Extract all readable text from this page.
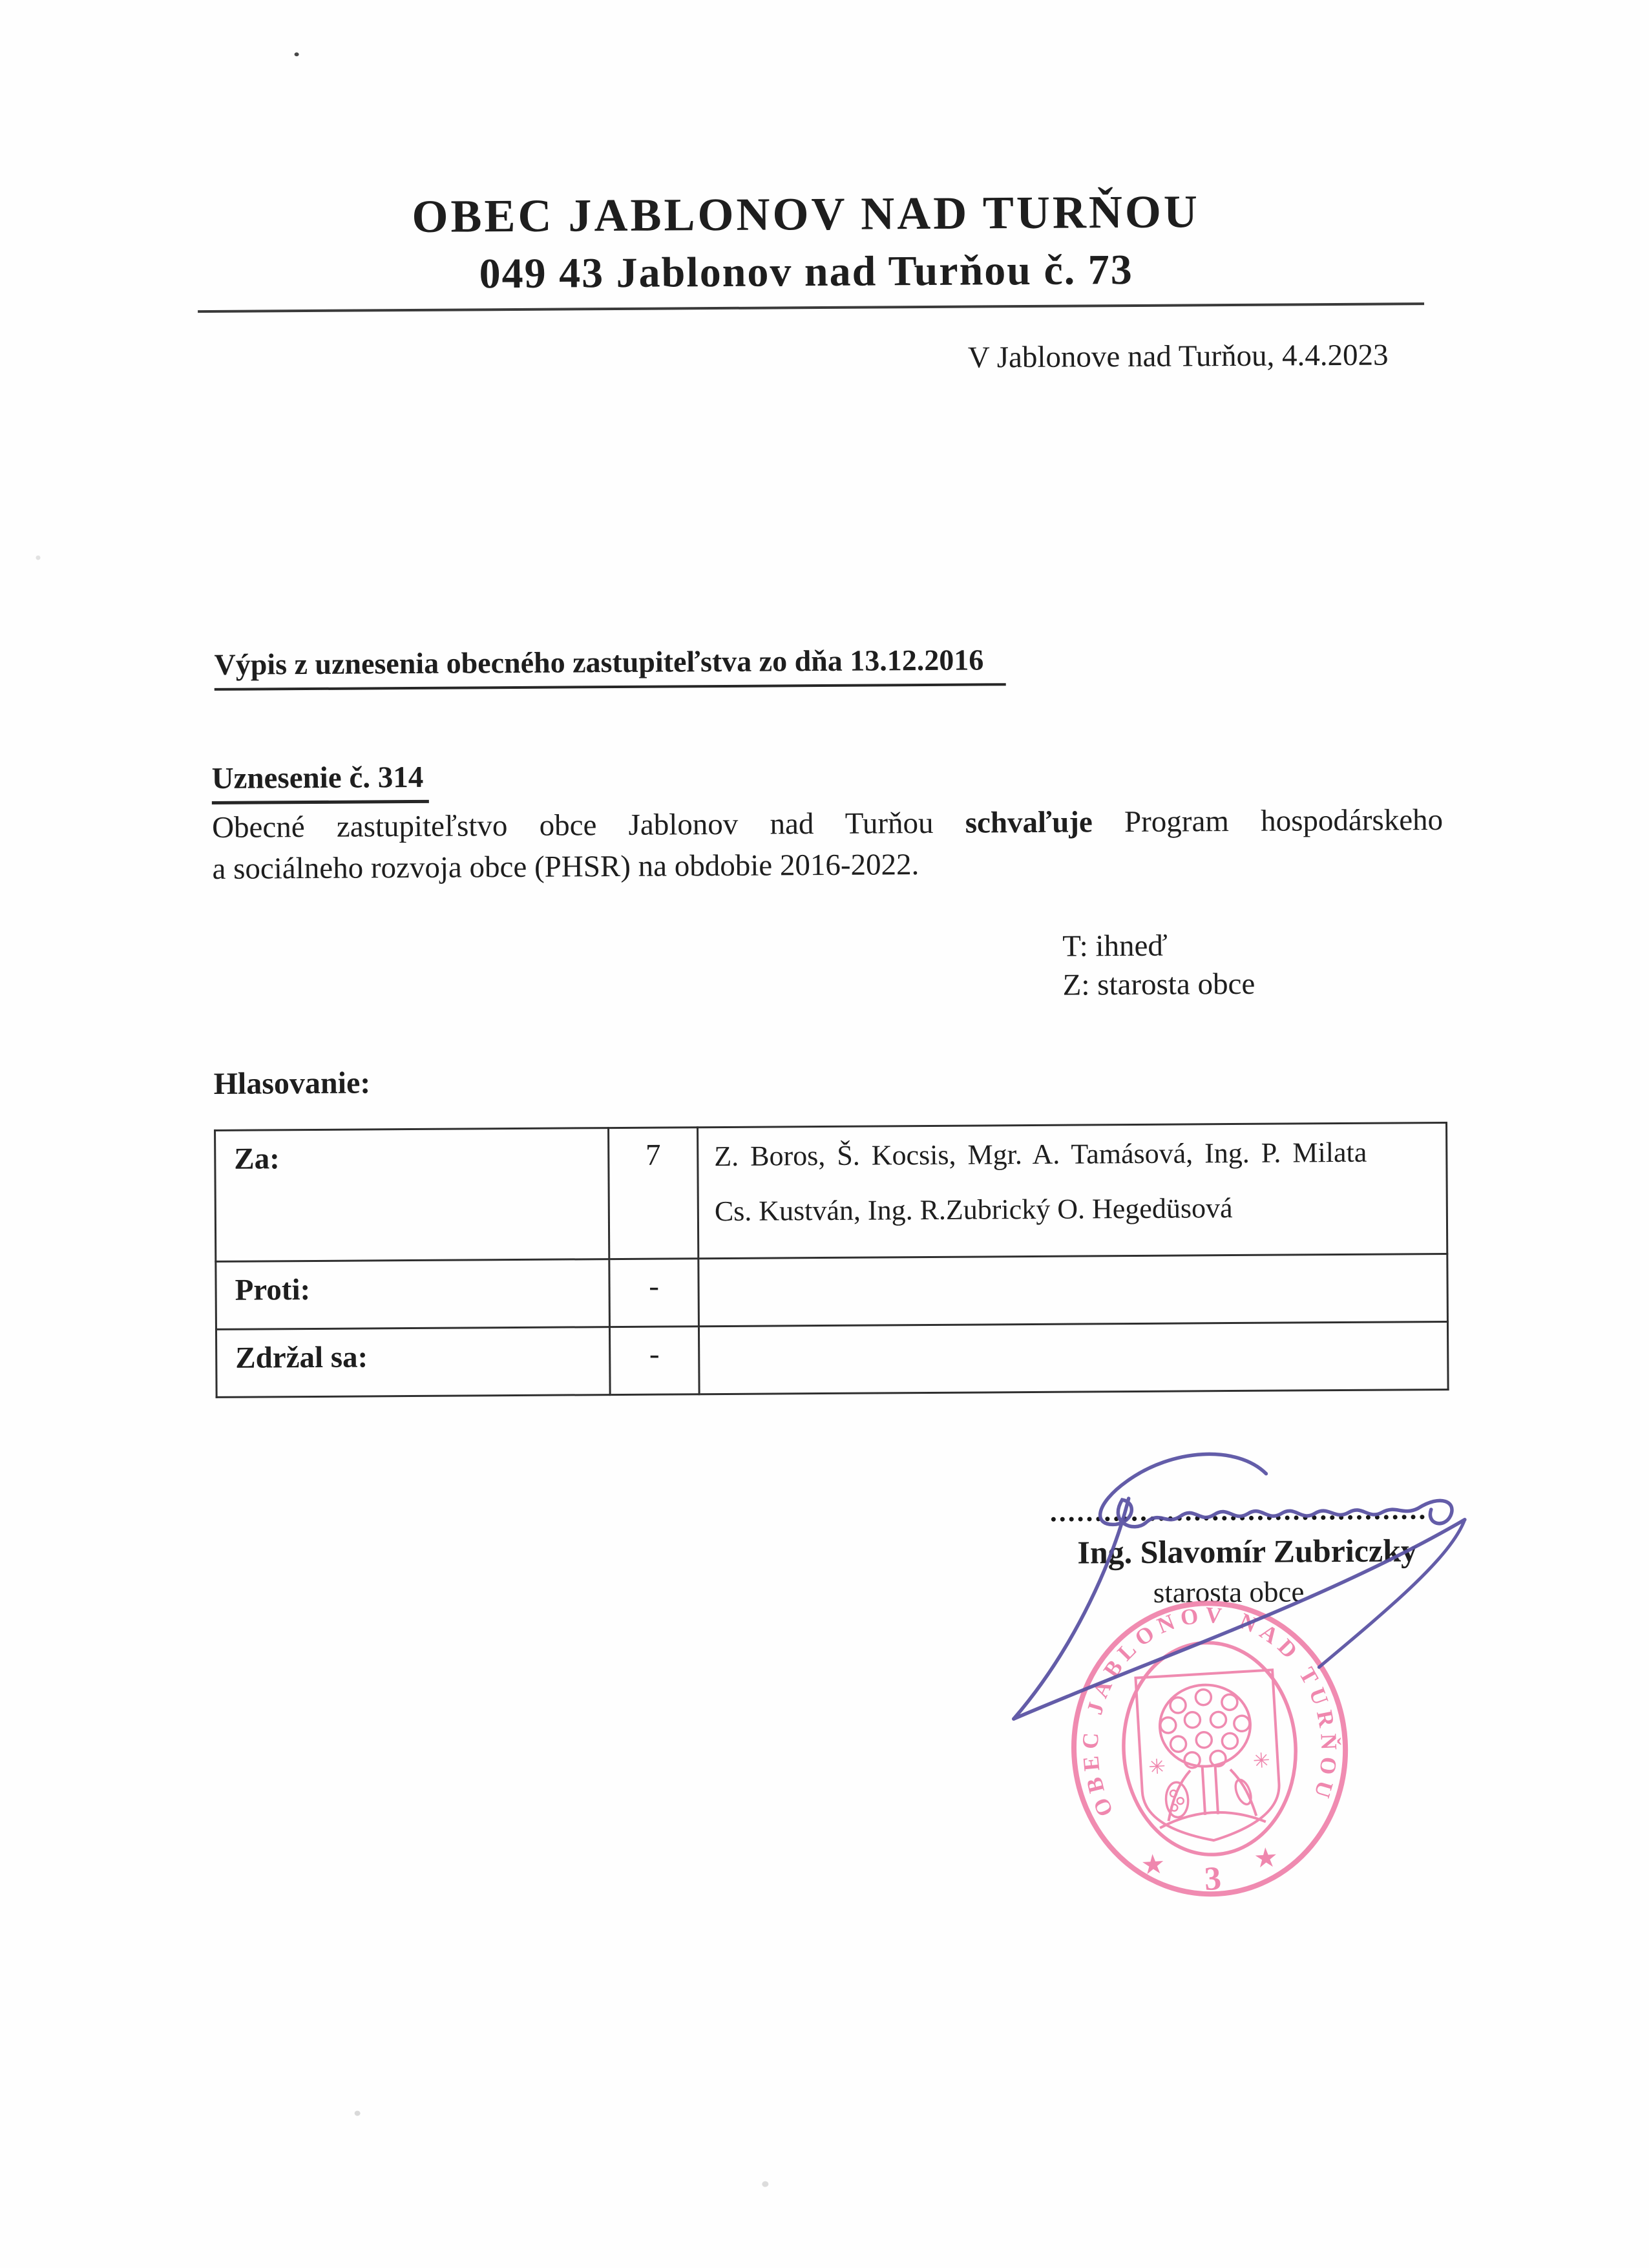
OBEC JABLONOV NAD TURŇOU
049 43 Jablonov nad Turňou č. 73
V Jablonove nad Turňou, 4.4.2023
Výpis z uznesenia obecného zastupiteľstva zo dňa 13.12.2016
Uznesenie č. 314
Obecné zastupiteľstvo obce Jablonov nad Turňou schvaľuje Program hospodárskeho
a sociálneho rozvoja obce (PHSR) na obdobie 2016-2022.
T: ihneď
Z: starosta obce
Hlasovanie:
Za:	7	Z. Boros, Š. Kocsis, Mgr. A. Tamásová, Ing. P. Milata
Cs. Kustván, Ing. R.Zubrický O. Hegedüsová

Proti:	-	
Zdržal sa:	-	
Ing. Slavomír Zubriczky
starosta obce
✳	✳
OBEC JABLONOV NAD TURŇOU
★	★
3
